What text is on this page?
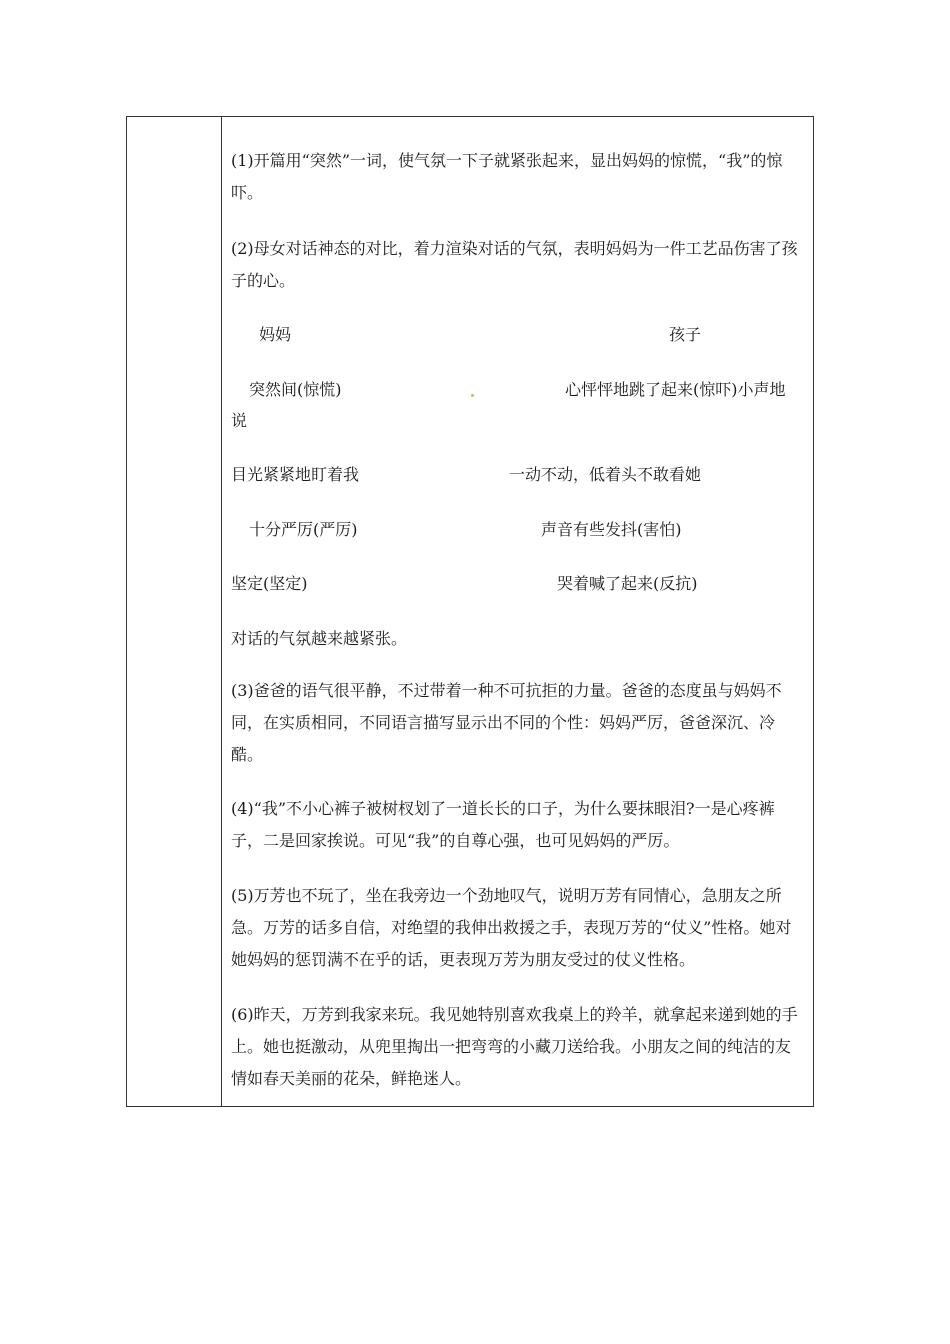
(1)开篇用“突然”一词，使气氛一下子就紧张起来，显出妈妈的惊慌，“我”的惊吓。

(2)母女对话神态的对比，着力渲染对话的气氛，表明妈妈为一件工艺品伤害了孩子的心。

妈妈	孩子
突然间(惊慌)	心怦怦地跳了起来(惊吓)小声地
说
目光紧紧地盯着我	一动不动，低着头不敢看她
十分严厉(严厉)	声音有些发抖(害怕)
坚定(坚定)	哭着喊了起来(反抗)

对话的气氛越来越紧张。

(3)爸爸的语气很平静，不过带着一种不可抗拒的力量。爸爸的态度虽与妈妈不同，在实质相同，不同语言描写显示出不同的个性：妈妈严厉，爸爸深沉、冷酷。

(4)“我”不小心裤子被树杈划了一道长长的口子，为什么要抹眼泪?一是心疼裤子，二是回家挨说。可见“我”的自尊心强，也可见妈妈的严厉。

(5)万芳也不玩了，坐在我旁边一个劲地叹气，说明万芳有同情心，急朋友之所急。万芳的话多自信，对绝望的我伸出救援之手，表现万芳的“仗义”性格。她对她妈妈的惩罚满不在乎的话，更表现万芳为朋友受过的仗义性格。

(6)昨天，万芳到我家来玩。我见她特别喜欢我桌上的羚羊，就拿起来递到她的手上。她也挺激动，从兜里掏出一把弯弯的小藏刀送给我。小朋友之间的纯洁的友情如春天美丽的花朵，鲜艳迷人。
